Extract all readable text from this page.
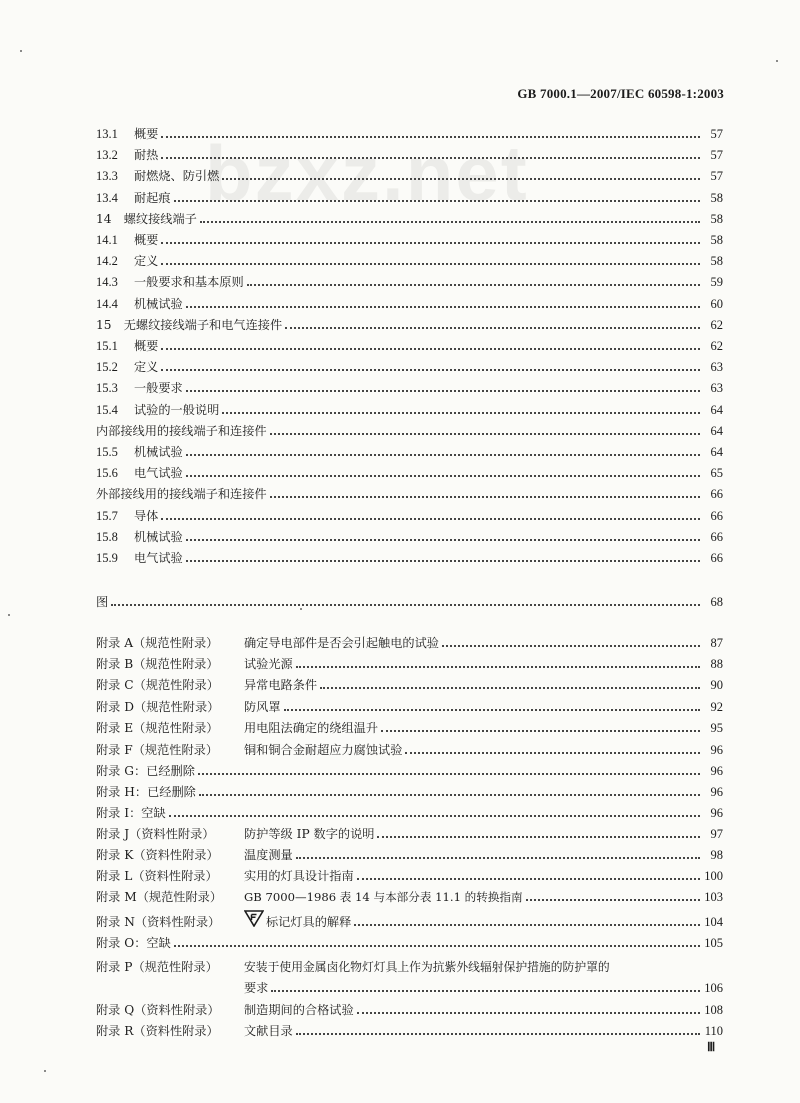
GB 7000.1—2007/IEC 60598-1:2003
bzxz.net
13.1	概要	57
13.2	耐热	57
13.3	耐燃烧、防引燃	57
13.4	耐起痕	58
14　螺纹接线端子	58
14.1	概要	58
14.2	定义	58
14.3	一般要求和基本原则	59
14.4	机械试验	60
15　无螺纹接线端子和电气连接件	62
15.1	概要	62
15.2	定义	63
15.3	一般要求	63
15.4	试验的一般说明	64
内部接线用的接线端子和连接件	64
15.5	机械试验	64
15.6	电气试验	65
外部接线用的接线端子和连接件	66
15.7	导体	66
15.8	机械试验	66
15.9	电气试验	66
图	68
附录 A（规范性附录）	确定导电部件是否会引起触电的试验	87
附录 B（规范性附录）	试验光源	88
附录 C（规范性附录）	异常电路条件	90
附录 D（规范性附录）	防风罩	92
附录 E（规范性附录）	用电阻法确定的绕组温升	95
附录 F（规范性附录）	铜和铜合金耐超应力腐蚀试验	96
附录 G：已经删除	96
附录 H：已经删除	96
附录 I：空缺	96
附录 J（资料性附录）	防护等级 IP 数字的说明	97
附录 K（资料性附录）	温度测量	98
附录 L（资料性附录）	实用的灯具设计指南	100
附录 M（规范性附录）	GB 7000—1986 表 14 与本部分表 11.1 的转换指南	103
附录 N（资料性附录）	标记灯具的解释	104
附录 O：空缺	105
附录 P（规范性附录）	安装于使用金属卤化物灯灯具上作为抗紫外线辐射保护措施的防护罩的
要求	106
附录 Q（资料性附录）	制造期间的合格试验	108
附录 R（资料性附录）	文献目录	110
Ⅲ
